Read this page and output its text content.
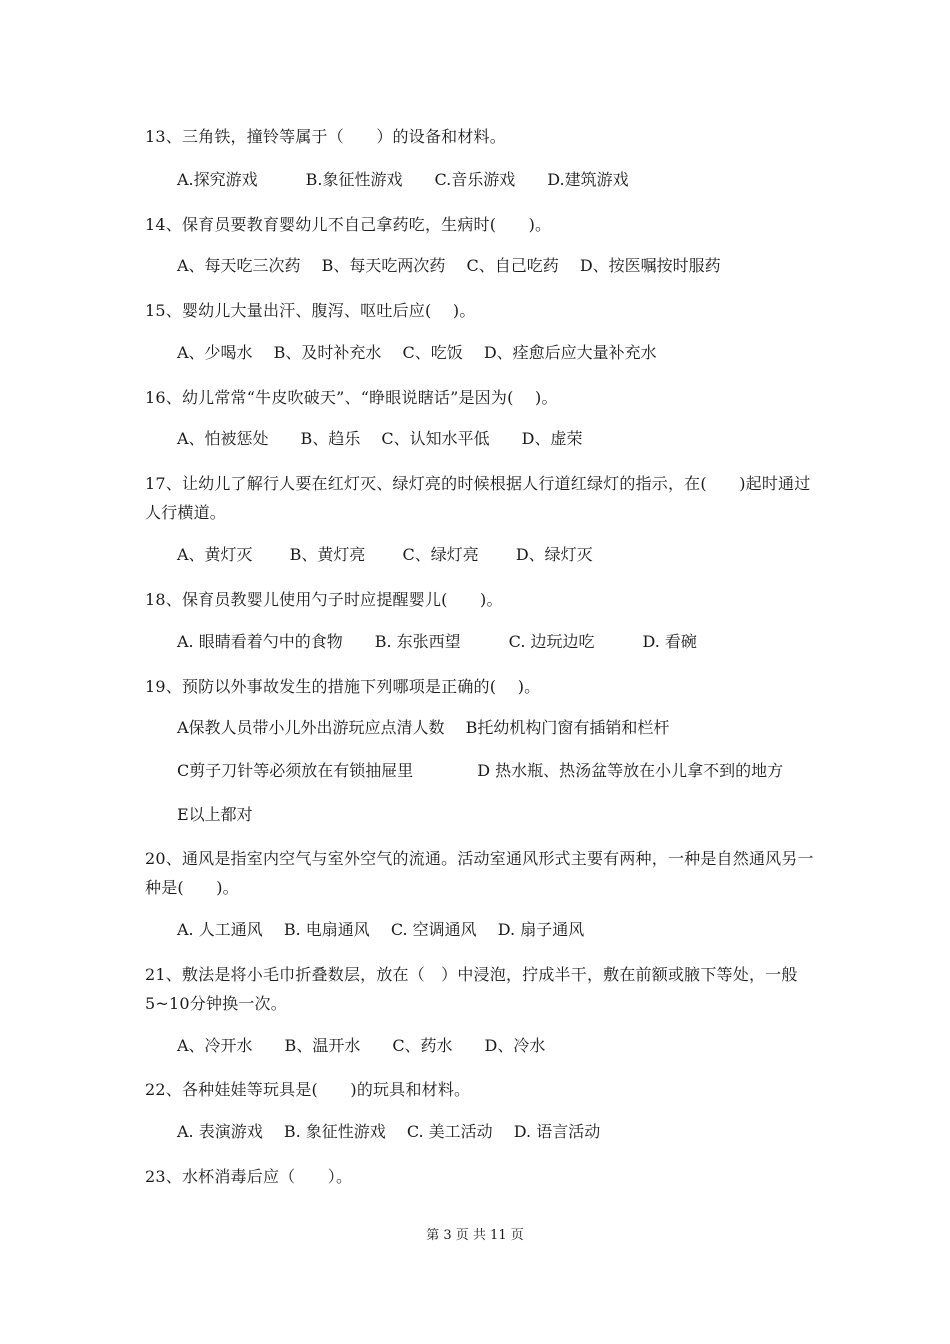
13、三角铁，撞铃等属于（　　）的设备和材料。
A.探究游戏　　　B.象征性游戏　　C.音乐游戏　　D.建筑游戏
14、保育员要教育婴幼儿不自己拿药吃，生病时(　　)。
A、每天吃三次药　 B、每天吃两次药　 C、自己吃药　 D、按医嘱按时服药
15、婴幼儿大量出汗、腹泻、呕吐后应(　 )。
A、少喝水　 B、及时补充水　 C、吃饭　 D、痊愈后应大量补充水
16、幼儿常常“牛皮吹破天”、“睁眼说瞎话”是因为(　 )。
A、怕被惩处　　B、趋乐　 C、认知水平低　　D、虚荣
17、让幼儿了解行人要在红灯灭、绿灯亮的时候根据人行道红绿灯的指示，在(　　)起时通过人行横道。
A、黄灯灭　　 B、黄灯亮　　 C、绿灯亮　　 D、绿灯灭
18、保育员教婴儿使用勺子时应提醒婴儿(　　)。
A. 眼睛看着勺中的食物　　B. 东张西望　　　C. 边玩边吃　　　D. 看碗
19、预防以外事故发生的措施下列哪项是正确的(　 )。
A保教人员带小儿外出游玩应点清人数　 B托幼机构门窗有插销和栏杆
C剪子刀针等必须放在有锁抽屉里　　　　D 热水瓶、热汤盆等放在小儿拿不到的地方
E以上都对
20、通风是指室内空气与室外空气的流通。活动室通风形式主要有两种，一种是自然通风另一种是(　　)。
A. 人工通风　 B. 电扇通风　 C. 空调通风　 D. 扇子通风
21、敷法是将小毛巾折叠数层，放在（　）中浸泡，拧成半干，敷在前额或腋下等处，一般5~10分钟换一次。
A、冷开水　　B、温开水　　C、药水　　D、冷水
22、各种娃娃等玩具是(　　)的玩具和材料。
A. 表演游戏　 B. 象征性游戏　 C. 美工活动　 D. 语言活动
23、水杯消毒后应（　　）。
第 3 页 共 11 页
